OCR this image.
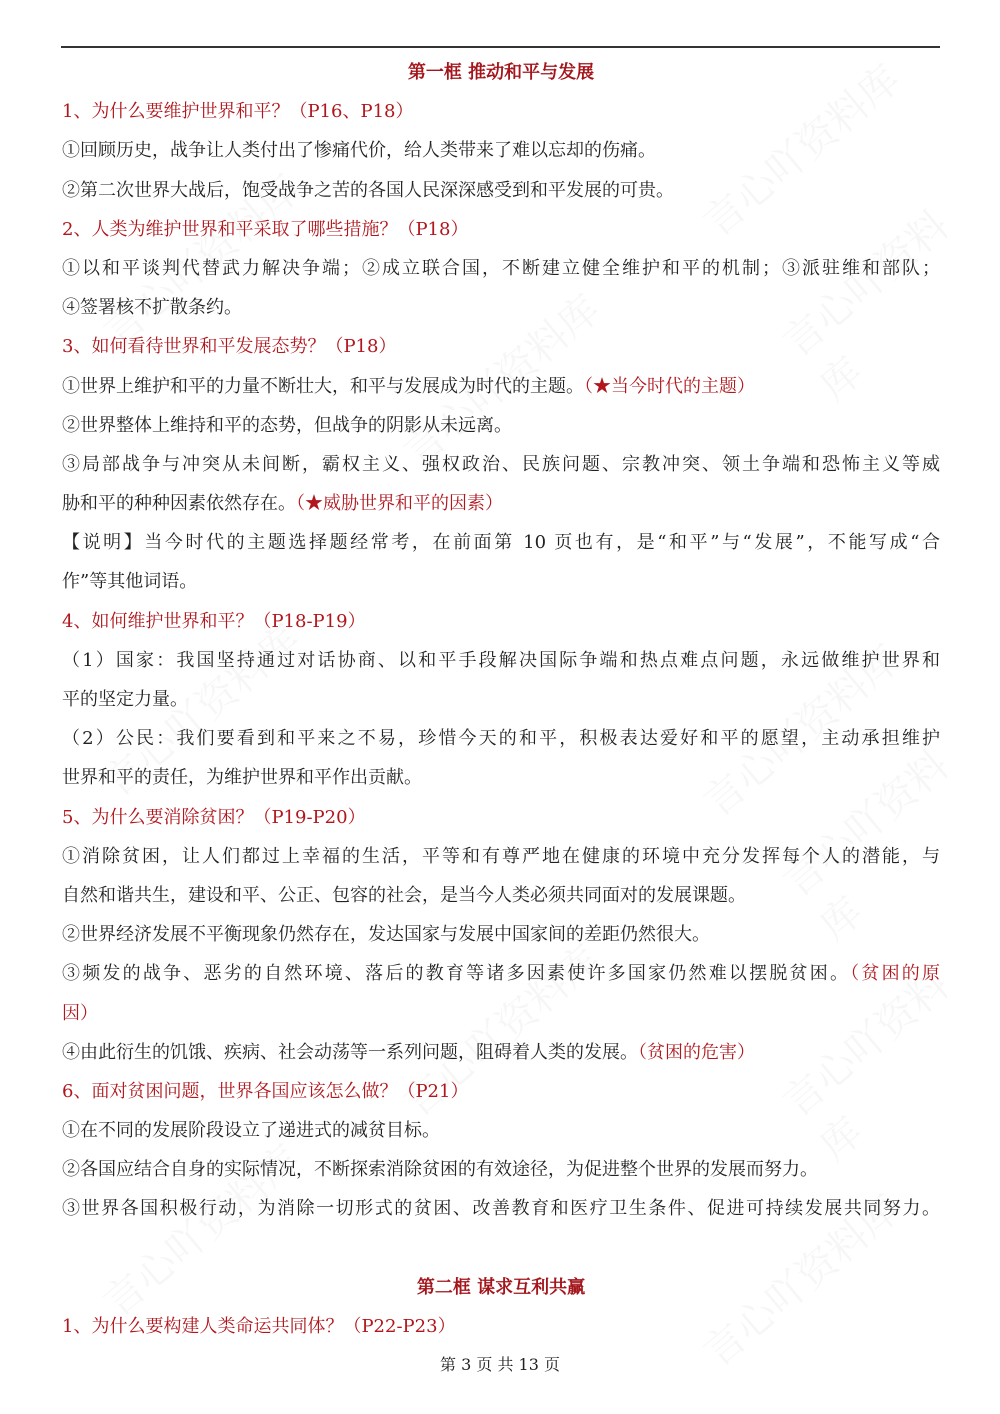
第一框 推动和平与发展
1、为什么要维护世界和平？（P16、P18）
①回顾历史，战争让人类付出了惨痛代价，给人类带来了难以忘却的伤痛。
②第二次世界大战后，饱受战争之苦的各国人民深深感受到和平发展的可贵。
2、人类为维护世界和平采取了哪些措施？（P18）
①以和平谈判代替武力解决争端；②成立联合国，不断建立健全维护和平的机制；③派驻维和部队；
④签署核不扩散条约。
3、如何看待世界和平发展态势？（P18）
①世界上维护和平的力量不断壮大，和平与发展成为时代的主题。（★当今时代的主题）
②世界整体上维持和平的态势，但战争的阴影从未远离。
③局部战争与冲突从未间断，霸权主义、强权政治、民族问题、宗教冲突、领土争端和恐怖主义等威
胁和平的种种因素依然存在。（★威胁世界和平的因素）
【说明】当今时代的主题选择题经常考，在前面第 10 页也有，是“和平”与“发展”，不能写成“合
作”等其他词语。
4、如何维护世界和平？（P18-P19）
（1）国家：我国坚持通过对话协商、以和平手段解决国际争端和热点难点问题，永远做维护世界和
平的坚定力量。
（2）公民：我们要看到和平来之不易，珍惜今天的和平，积极表达爱好和平的愿望，主动承担维护
世界和平的责任，为维护世界和平作出贡献。
5、为什么要消除贫困？（P19-P20）
①消除贫困，让人们都过上幸福的生活，平等和有尊严地在健康的环境中充分发挥每个人的潜能，与
自然和谐共生，建设和平、公正、包容的社会，是当今人类必须共同面对的发展课题。
②世界经济发展不平衡现象仍然存在，发达国家与发展中国家间的差距仍然很大。
③频发的战争、恶劣的自然环境、落后的教育等诸多因素使许多国家仍然难以摆脱贫困。（贫困的原
因）
④由此衍生的饥饿、疾病、社会动荡等一系列问题，阻碍着人类的发展。（贫困的危害）
6、面对贫困问题，世界各国应该怎么做？（P21）
①在不同的发展阶段设立了递进式的减贫目标。
②各国应结合自身的实际情况，不断探索消除贫困的有效途径，为促进整个世界的发展而努力。
③世界各国积极行动，为消除一切形式的贫困、改善教育和医疗卫生条件、促进可持续发展共同努力。
第二框 谋求互利共赢
1、为什么要构建人类命运共同体？（P22-P23）
第 3 页 共 13 页
